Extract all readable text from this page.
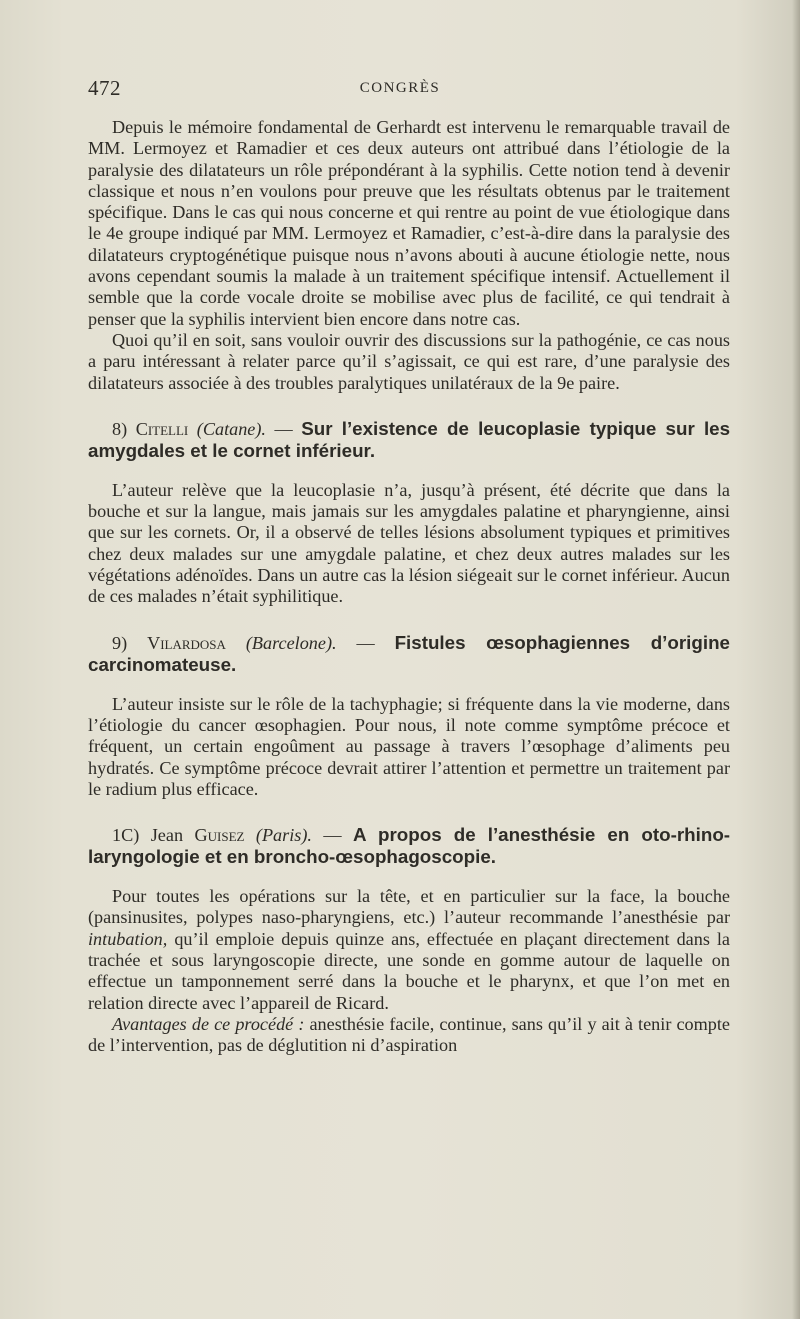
472	CONGRÈS

Depuis le mémoire fondamental de Gerhardt est intervenu le remarquable travail de MM. Lermoyez et Ramadier et ces deux auteurs ont attribué dans l’étiologie de la paralysie des dilatateurs un rôle prépondérant à la syphilis. Cette notion tend à devenir classique et nous n’en voulons pour preuve que les résultats obtenus par le traitement spécifique. Dans le cas qui nous concerne et qui rentre au point de vue étiologique dans le 4e groupe indiqué par MM. Lermoyez et Ramadier, c’est-à-dire dans la paralysie des dilatateurs cryptogénétique puisque nous n’avons abouti à aucune étiologie nette, nous avons cependant soumis la malade à un traitement spécifique intensif. Actuellement il semble que la corde vocale droite se mobilise avec plus de facilité, ce qui tendrait à penser que la syphilis intervient bien encore dans notre cas.

Quoi qu’il en soit, sans vouloir ouvrir des discussions sur la pathogénie, ce cas nous a paru intéressant à relater parce qu’il s’agissait, ce qui est rare, d’une paralysie des dilatateurs associée à des troubles paralytiques unilatéraux de la 9e paire.

8) Citelli (Catane). — Sur l’existence de leucoplasie typique sur les amygdales et le cornet inférieur.

L’auteur relève que la leucoplasie n’a, jusqu’à présent, été décrite que dans la bouche et sur la langue, mais jamais sur les amygdales palatine et pharyngienne, ainsi que sur les cornets. Or, il a observé de telles lésions absolument typiques et primitives chez deux malades sur une amygdale palatine, et chez deux autres malades sur les végétations adénoïdes. Dans un autre cas la lésion siégeait sur le cornet inférieur. Aucun de ces malades n’était syphilitique.

9) Vilardosa (Barcelone). — Fistules œsophagiennes d’origine carcinomateuse.

L’auteur insiste sur le rôle de la tachyphagie; si fréquente dans la vie moderne, dans l’étiologie du cancer œsophagien. Pour nous, il note comme symptôme précoce et fréquent, un certain engoûment au passage à travers l’œsophage d’aliments peu hydratés. Ce symptôme précoce devrait attirer l’attention et permettre un traitement par le radium plus efficace.

1C) Jean Guisez (Paris). — A propos de l’anesthésie en oto-rhino-laryngologie et en broncho-œsophagoscopie.

Pour toutes les opérations sur la tête, et en particulier sur la face, la bouche (pansinusites, polypes naso-pharyngiens, etc.) l’auteur recommande l’anesthésie par intubation, qu’il emploie depuis quinze ans, effectuée en plaçant directement dans la trachée et sous laryngoscopie directe, une sonde en gomme autour de laquelle on effectue un tamponnement serré dans la bouche et le pharynx, et que l’on met en relation directe avec l’appareil de Ricard.

Avantages de ce procédé : anesthésie facile, continue, sans qu’il y ait à tenir compte de l’intervention, pas de déglutition ni d’aspiration
